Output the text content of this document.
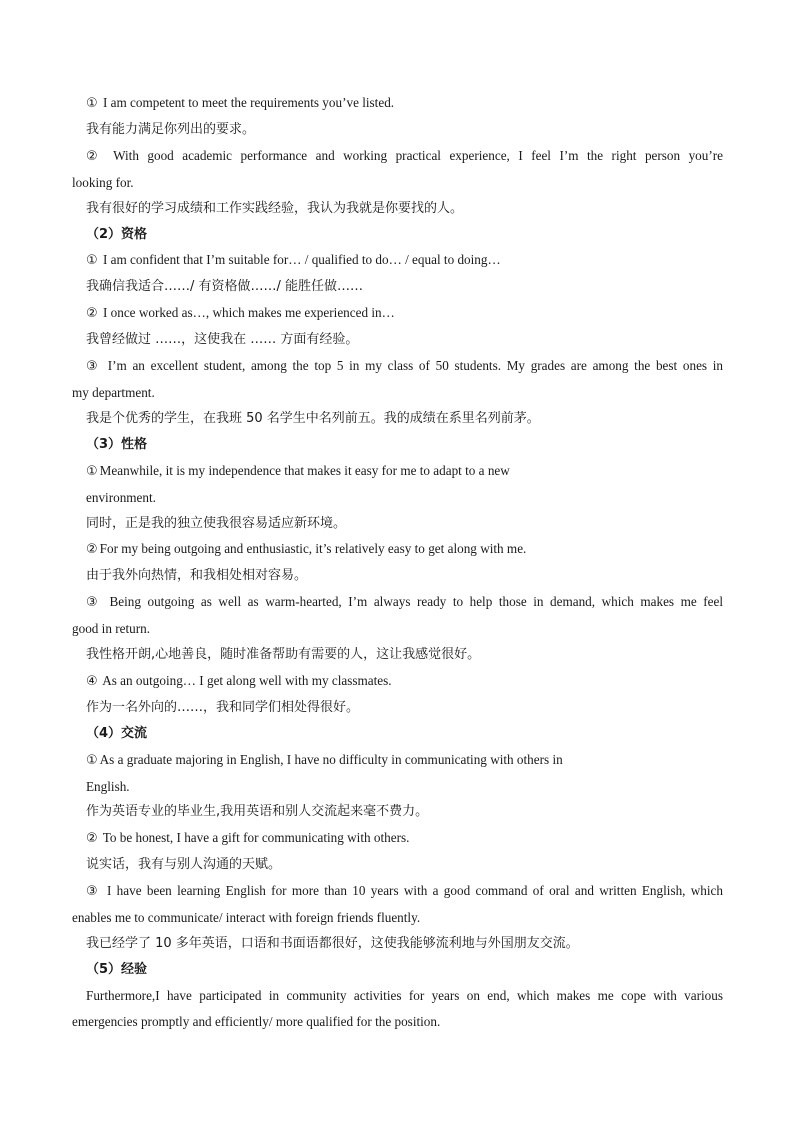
① I am competent to meet the requirements you’ve listed.
我有能力满足你列出的要求。
② With good academic performance and working practical experience, I feel I’m the right person you’re
looking for.
我有很好的学习成绩和工作实践经验，我认为我就是你要找的人。
（2）资格
① I am confident that I’m suitable for… / qualified to do… / equal to doing…
我确信我适合……/ 有资格做……/ 能胜任做……
② I once worked as…, which makes me experienced in…
我曾经做过 ……，这使我在 …… 方面有经验。
③ I’m an excellent student, among the top 5 in my class of 50 students. My grades are among the best ones in
my department.
我是个优秀的学生，在我班 50 名学生中名列前五。我的成绩在系里名列前茅。
（3）性格
① Meanwhile, it is my independence that makes it easy for me to adapt to a new
environment.
同时，正是我的独立使我很容易适应新环境。
② For my being outgoing and enthusiastic, it’s relatively easy to get along with me.
由于我外向热情，和我相处相对容易。
③ Being outgoing as well as warm-hearted, I’m always ready to help those in demand, which makes me feel
good in return.
我性格开朗,心地善良，随时准备帮助有需要的人，这让我感觉很好。
④ As an outgoing… I get along well with my classmates.
作为一名外向的……，我和同学们相处得很好。
（4）交流
① As a graduate majoring in English, I have no difficulty in communicating with others in
English.
作为英语专业的毕业生,我用英语和别人交流起来毫不费力。
② To be honest, I have a gift for communicating with others.
说实话，我有与别人沟通的天赋。
③ I have been learning English for more than 10 years with a good command of oral and written English, which
enables me to communicate/ interact with foreign friends fluently.
我已经学了 10 多年英语，口语和书面语都很好，这使我能够流利地与外国朋友交流。
（5）经验
Furthermore,I have participated in community activities for years on end, which makes me cope with various
emergencies promptly and efficiently/ more qualified for the position.
